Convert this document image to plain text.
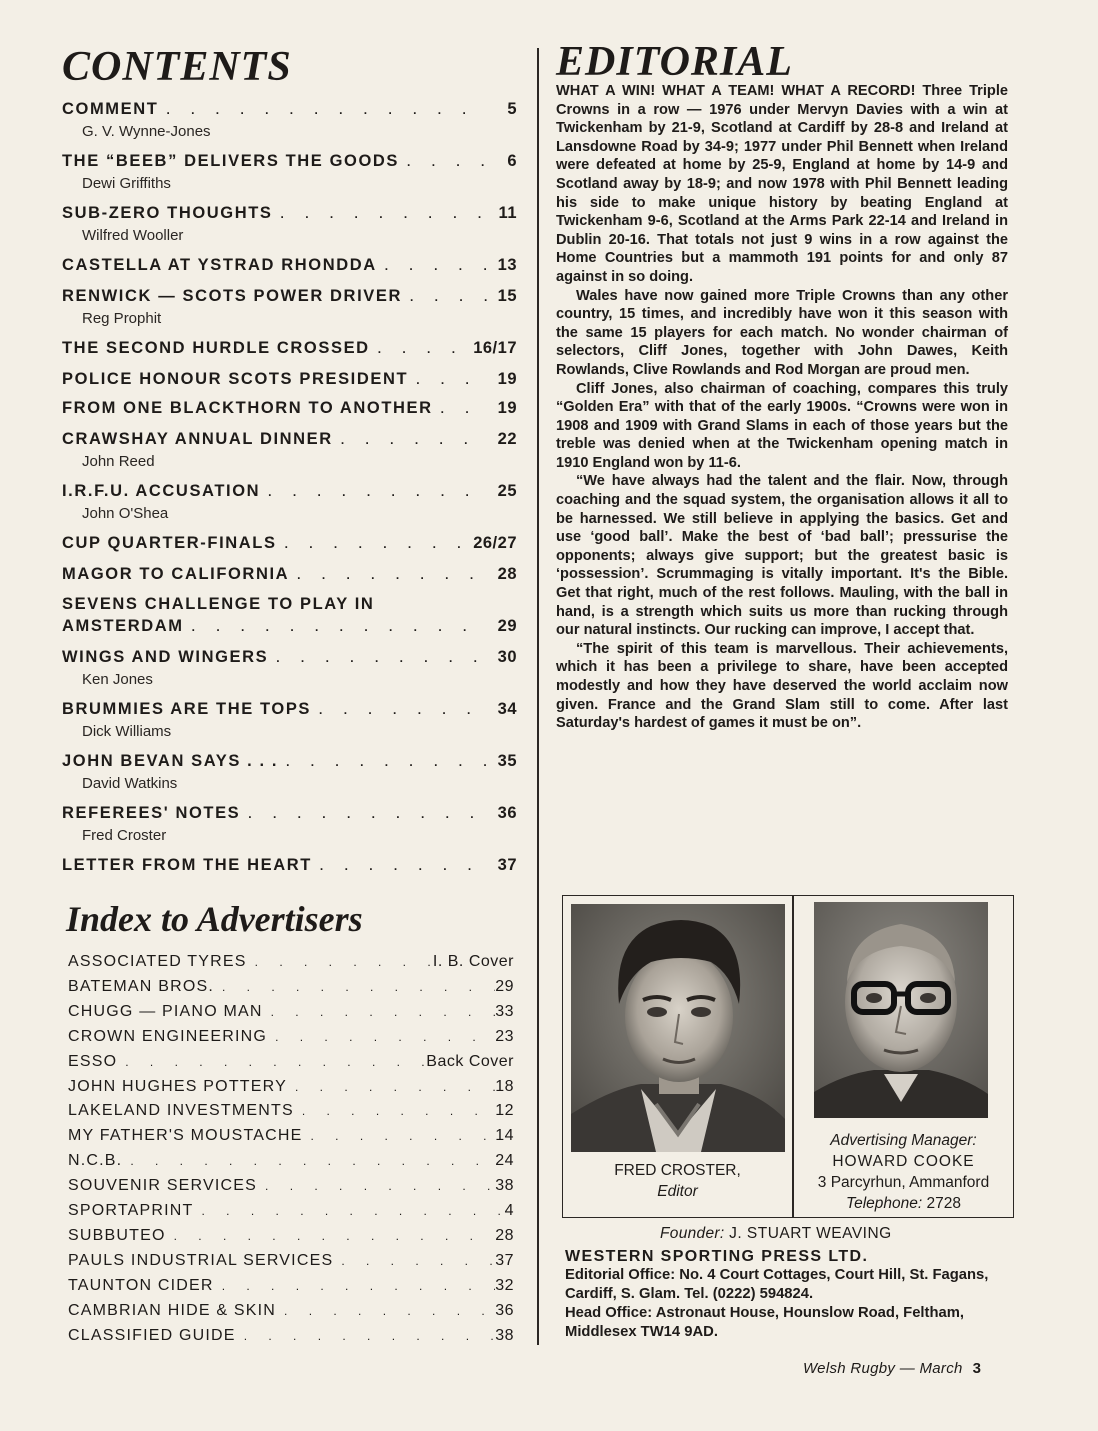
CONTENTS
COMMENT . . .	5
G. V. Wynne-Jones
THE “BEEB” DELIVERS THE GOODS . . .	6
Dewi Griffiths
SUB-ZERO THOUGHTS . . .	11
Wilfred Wooller
CASTELLA AT YSTRAD RHONDDA . . .	13
RENWICK — SCOTS POWER DRIVER . . .	15
Reg Prophit
THE SECOND HURDLE CROSSED . . .	16/17
POLICE HONOUR SCOTS PRESIDENT . . .	19
FROM ONE BLACKTHORN TO ANOTHER . . .	19
CRAWSHAY ANNUAL DINNER . . .	22
John Reed
I.R.F.U. ACCUSATION . . .	25
John O'Shea
CUP QUARTER-FINALS . . .	26/27
MAGOR TO CALIFORNIA . . .	28
SEVENS CHALLENGE TO PLAY IN
AMSTERDAM . . .	29
WINGS AND WINGERS . . .	30
Ken Jones
BRUMMIES ARE THE TOPS . . .	34
Dick Williams
JOHN BEVAN SAYS . . . . . .	35
David Watkins
REFEREES' NOTES . . .	36
Fred Croster
LETTER FROM THE HEART . . .	37
Index to Advertisers
ASSOCIATED TYRES . . .	I. B. Cover
BATEMAN BROS. . . .	29
CHUGG — PIANO MAN . . .	33
CROWN ENGINEERING . . .	23
ESSO . . .	Back Cover
JOHN HUGHES POTTERY . . .	18
LAKELAND INVESTMENTS . . .	12
MY FATHER'S MOUSTACHE . . .	14
N.C.B. . . .	24
SOUVENIR SERVICES . . .	38
SPORTAPRINT . . .	4
SUBBUTEO . . .	28
PAULS INDUSTRIAL SERVICES . . .	37
TAUNTON CIDER . . .	32
CAMBRIAN HIDE & SKIN . . .	36
CLASSIFIED GUIDE . . .	38
EDITORIAL

WHAT A WIN! WHAT A TEAM! WHAT A RECORD! Three Triple Crowns in a row — 1976 under Mervyn Davies with a win at Twickenham by 21-9, Scotland at Cardiff by 28-8 and Ireland at Lansdowne Road by 34-9; 1977 under Phil Bennett when Ireland were defeated at home by 25-9, England at home by 14-9 and Scotland away by 18-9; and now 1978 with Phil Bennett leading his side to make unique history by beating England at Twickenham 9-6, Scotland at the Arms Park 22-14 and Ireland in Dublin 20-16. That totals not just 9 wins in a row against the Home Countries but a mammoth 191 points for and only 87 against in so doing.

Wales have now gained more Triple Crowns than any other country, 15 times, and incredibly have won it this season with the same 15 players for each match. No wonder chairman of selectors, Cliff Jones, together with John Dawes, Keith Rowlands, Clive Rowlands and Rod Morgan are proud men.

Cliff Jones, also chairman of coaching, compares this truly “Golden Era” with that of the early 1900s. “Crowns were won in 1908 and 1909 with Grand Slams in each of those years but the treble was denied when at the Twickenham opening match in 1910 England won by 11-6.

“We have always had the talent and the flair. Now, through coaching and the squad system, the organisation allows it all to be harnessed. We still believe in applying the basics. Get and use ‘good ball’. Make the best of ‘bad ball’; pressurise the opponents; always give support; but the greatest basic is ‘possession’. Scrummaging is vitally important. It's the Bible. Get that right, much of the rest follows. Mauling, with the ball in hand, is a strength which suits us more than rucking through our natural instincts. Our rucking can improve, I accept that.

“The spirit of this team is marvellous. Their achievements, which it has been a privilege to share, have been accepted modestly and how they have deserved the world acclaim now given. France and the Grand Slam still to come. After last Saturday's hardest of games it must be on”.

FRED CROSTER,
Editor
Advertising Manager:
HOWARD COOKE
3 Parcyrhun, Ammanford
Telephone: 2728
Founder: J. STUART WEAVING
WESTERN SPORTING PRESS LTD.
Editorial Office: No. 4 Court Cottages, Court Hill, St. Fagans, Cardiff, S. Glam. Tel. (0222) 594824.
Head Office: Astronaut House, Hounslow Road, Feltham, Middlesex TW14 9AD.
Welsh Rugby — March 3
